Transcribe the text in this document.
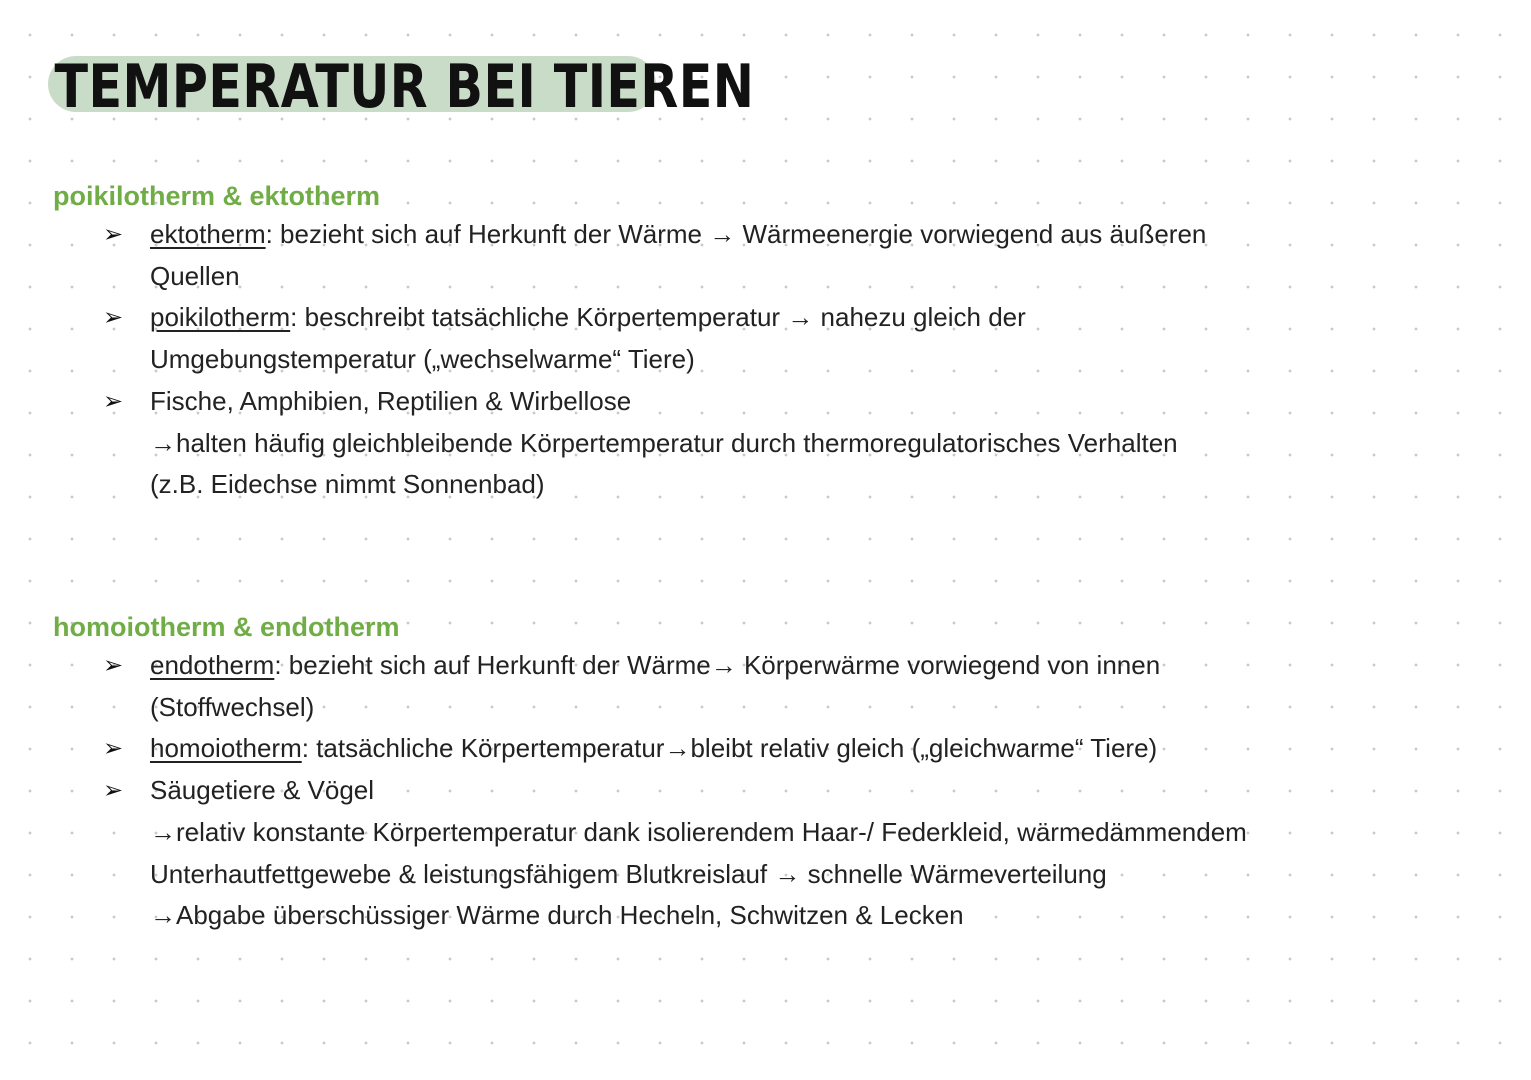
TEMPERATUR BEI TIEREN
poikilotherm & ektotherm
➢ ektotherm: bezieht sich auf Herkunft der Wärme → Wärmeenergie vorwiegend aus äußeren
Quellen
➢ poikilotherm: beschreibt tatsächliche Körpertemperatur → nahezu gleich der
Umgebungstemperatur („wechselwarme“ Tiere)
➢ Fische, Amphibien, Reptilien & Wirbellose
→halten häufig gleichbleibende Körpertemperatur durch thermoregulatorisches Verhalten
(z.B. Eidechse nimmt Sonnenbad)
homoiotherm & endotherm
➢ endotherm: bezieht sich auf Herkunft der Wärme→ Körperwärme vorwiegend von innen
(Stoffwechsel)
➢ homoiotherm: tatsächliche Körpertemperatur→bleibt relativ gleich („gleichwarme“ Tiere)
➢ Säugetiere & Vögel
→relativ konstante Körpertemperatur dank isolierendem Haar-/ Federkleid, wärmedämmendem
Unterhautfettgewebe & leistungsfähigem Blutkreislauf → schnelle Wärmeverteilung
→Abgabe überschüssiger Wärme durch Hecheln, Schwitzen & Lecken
